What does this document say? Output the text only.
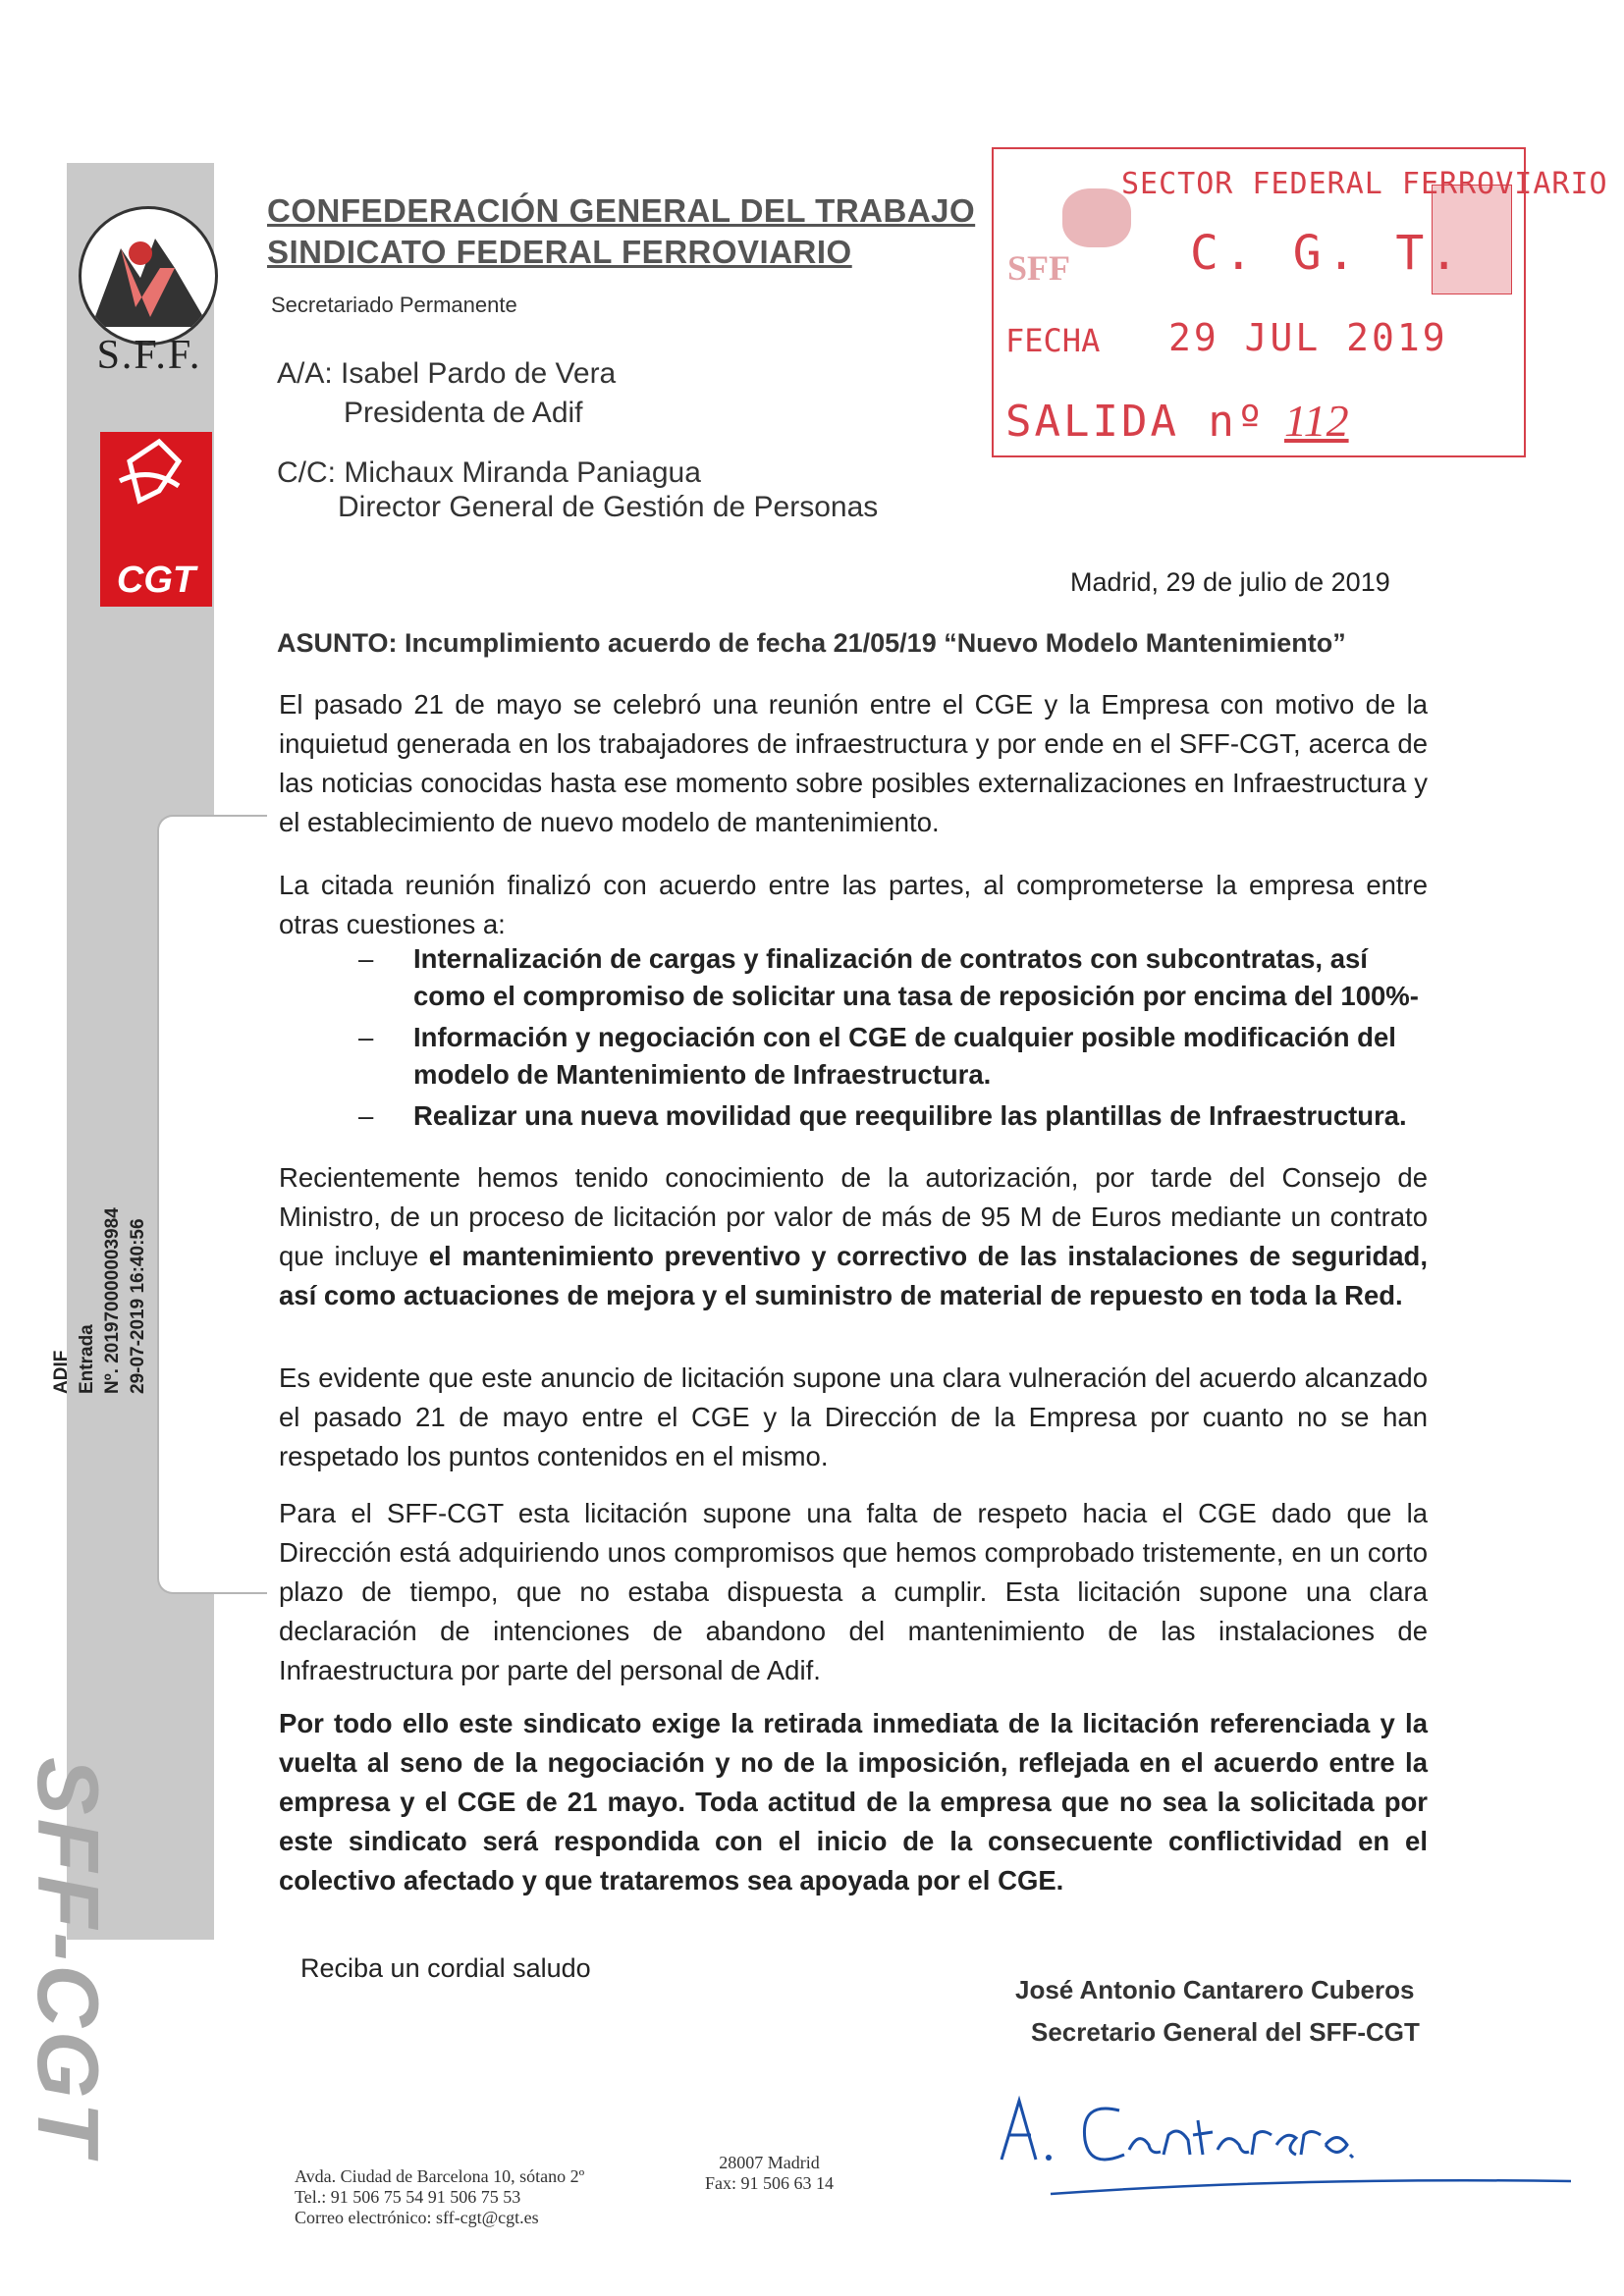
S.F.F.
CGT
SFF-CGT
ADIF Entrada Nº. 201970000003984 29-07-2019 16:40:56
CONFEDERACIÓN GENERAL DEL TRABAJO
SINDICATO FEDERAL FERROVIARIO
Secretariado Permanente
A/A: Isabel Pardo de Vera
Presidenta de Adif
C/C: Michaux Miranda Paniagua
Director General de Gestión de Personas
SECTOR FEDERAL FERROVIARIO
C. G. T.
SFF
FECHA 29 JUL 2019
SALIDA nº 112
Madrid, 29 de julio de 2019
ASUNTO: Incumplimiento acuerdo de fecha 21/05/19 “Nuevo Modelo Mantenimiento”
El pasado 21 de mayo se celebró una reunión entre el CGE y la Empresa con motivo de la inquietud generada en los trabajadores de infraestructura y por ende en el SFF-CGT, acerca de las noticias conocidas hasta ese momento sobre posibles externalizaciones en Infraestructura y el establecimiento de nuevo modelo de mantenimiento.
La citada reunión finalizó con acuerdo entre las partes, al comprometerse la empresa entre otras cuestiones a:
– Internalización de cargas y finalización de contratos con subcontratas, así como el compromiso de solicitar una tasa de reposición por encima del 100%-
– Información y negociación con el CGE de cualquier posible modificación del modelo de Mantenimiento de Infraestructura.
– Realizar una nueva movilidad que reequilibre las plantillas de Infraestructura.
Recientemente hemos tenido conocimiento de la autorización, por tarde del Consejo de Ministro, de un proceso de licitación por valor de más de 95 M de Euros mediante un contrato que incluye el mantenimiento preventivo y correctivo de las instalaciones de seguridad, así como actuaciones de mejora y el suministro de material de repuesto en toda la Red.
Es evidente que este anuncio de licitación supone una clara vulneración del acuerdo alcanzado el pasado 21 de mayo entre el CGE y la Dirección de la Empresa por cuanto no se han respetado los puntos contenidos en el mismo.
Para el SFF-CGT esta licitación supone una falta de respeto hacia el CGE dado que la Dirección está adquiriendo unos compromisos que hemos comprobado tristemente, en un corto plazo de tiempo, que no estaba dispuesta a cumplir. Esta licitación supone una clara declaración de intenciones de abandono del mantenimiento de las instalaciones de Infraestructura por parte del personal de Adif.
Por todo ello este sindicato exige la retirada inmediata de la licitación referenciada y la vuelta al seno de la negociación y no de la imposición, reflejada en el acuerdo entre la empresa y el CGE de 21 mayo. Toda actitud de la empresa que no sea la solicitada por este sindicato será respondida con el inicio de la consecuente conflictividad en el colectivo afectado y que trataremos sea apoyada por el CGE.
Reciba un cordial saludo
José Antonio Cantarero Cuberos
Secretario General del SFF-CGT
Avda. Ciudad de Barcelona 10, sótano 2º
Tel.: 91 506 75 54 91 506 75 53
Correo electrónico: sff-cgt@cgt.es
28007 Madrid
Fax: 91 506 63 14
